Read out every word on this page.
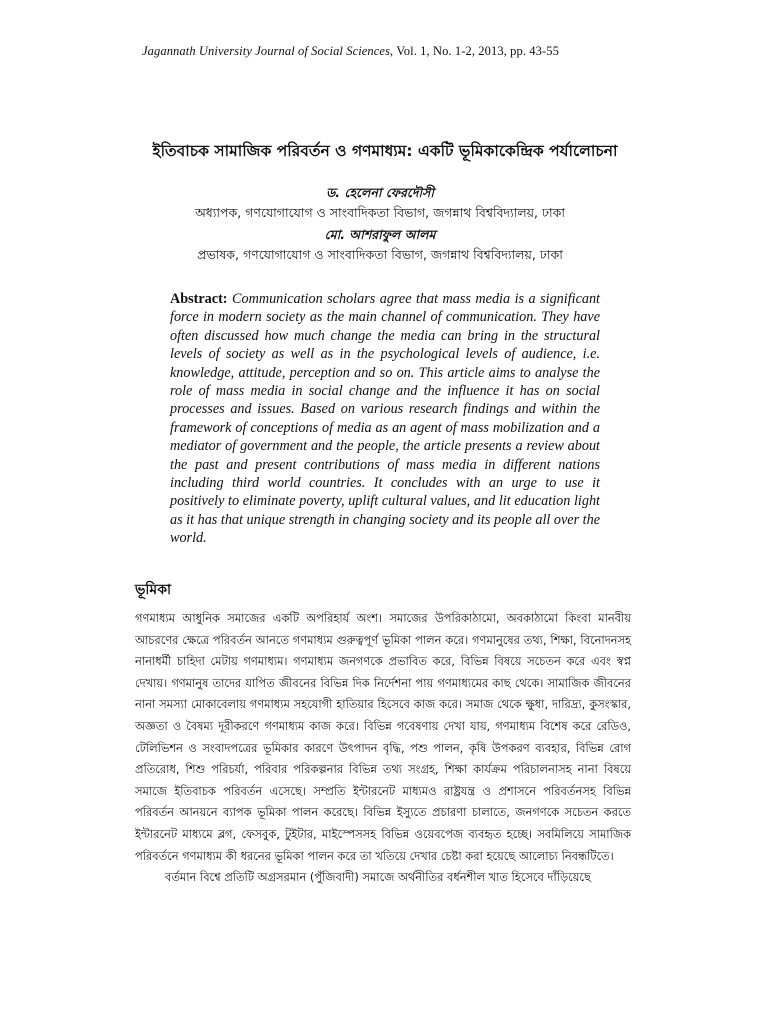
Jagannath University Journal of Social Sciences, Vol. 1, No. 1-2, 2013, pp. 43-55
ইতিবাচক সামাজিক পরিবর্তন ও গণমাধ্যম: একটি ভূমিকাকেন্দ্রিক পর্যালোচনা
ড. হেলেনা ফেরদৌসী
অধ্যাপক, গণযোগাযোগ ও সাংবাদিকতা বিভাগ, জগন্নাথ বিশ্ববিদ্যালয়, ঢাকা
মো. আশরাফুল আলম
প্রভাষক, গণযোগাযোগ ও সাংবাদিকতা বিভাগ, জগন্নাথ বিশ্ববিদ্যালয়, ঢাকা
Abstract: Communication scholars agree that mass media is a significant force in modern society as the main channel of communication. They have often discussed how much change the media can bring in the structural levels of society as well as in the psychological levels of audience, i.e. knowledge, attitude, perception and so on. This article aims to analyse the role of mass media in social change and the influence it has on social processes and issues. Based on various research findings and within the framework of conceptions of media as an agent of mass mobilization and a mediator of government and the people, the article presents a review about the past and present contributions of mass media in different nations including third world countries. It concludes with an urge to use it positively to eliminate poverty, uplift cultural values, and lit education light as it has that unique strength in changing society and its people all over the world.
ভূমিকা

গণমাধ্যম আধুনিক সমাজের একটি অপরিহার্য অংশ। সমাজের উপরিকাঠামো, অবকাঠামো কিংবা মানবীয় আচরণের ক্ষেত্রে পরিবর্তন আনতে গণমাধ্যম গুরুত্বপূর্ণ ভূমিকা পালন করে। গণমানুষের তথ্য, শিক্ষা, বিনোদনসহ নানাধর্মী চাহিদা মেটায় গণমাধ্যম। গণমাধ্যম জনগণকে প্রভাবিত করে, বিভিন্ন বিষয়ে সচেতন করে এবং স্বপ্ন দেখায়। গণমানুষ তাদের যাপিত জীবনের বিভিন্ন দিক নির্দেশনা পায় গণমাধ্যমের কাছ থেকে। সামাজিক জীবনের নানা সমস্যা মোকাবেলায় গণমাধ্যম সহযোগী হাতিয়ার হিসেবে কাজ করে। সমাজ থেকে ক্ষুধা, দারিদ্র্য, কুসংস্কার, অজ্ঞতা ও বৈষম্য দূরীকরণে গণমাধ্যম কাজ করে। বিভিন্ন গবেষণায় দেখা যায়, গণমাধ্যম বিশেষ করে রেডিও, টেলিভিশন ও সংবাদপত্রের ভূমিকার কারণে উৎপাদন বৃদ্ধি, পশু পালন, কৃষি উপকরণ ব্যবহার, বিভিন্ন রোগ প্রতিরোধ, শিশু পরিচর্যা, পরিবার পরিকল্পনার বিভিন্ন তথ্য সংগ্রহ, শিক্ষা কার্যক্রম পরিচালনাসহ নানা বিষয়ে সমাজে ইতিবাচক পরিবর্তন এসেছে। সম্প্রতি ইন্টারনেট মাধ্যমও রাষ্ট্রযন্ত্র ও প্রশাসনে পরিবর্তনসহ বিভিন্ন পরিবর্তন আনয়নে ব্যাপক ভূমিকা পালন করেছে। বিভিন্ন ইস্যুতে প্রচারণা চালাতে, জনগণকে সচেতন করতে ইন্টারনেট মাধ্যমে ব্লগ, ফেসবুক, টুইটার, মাইস্পেসসহ বিভিন্ন ওয়েবপেজ ব্যবহৃত হচ্ছে। সবমিলিয়ে সামাজিক পরিবর্তনে গণমাধ্যম কী ধরনের ভূমিকা পালন করে তা খতিয়ে দেখার চেষ্টা করা হয়েছে আলোচ্য নিবন্ধটিতে।

বর্তমান বিশ্বে প্রতিটি অগ্রসরমান (পুঁজিবাদী) সমাজে অর্থনীতির বর্ধনশীল খাত হিসেবে দাঁড়িয়েছে
